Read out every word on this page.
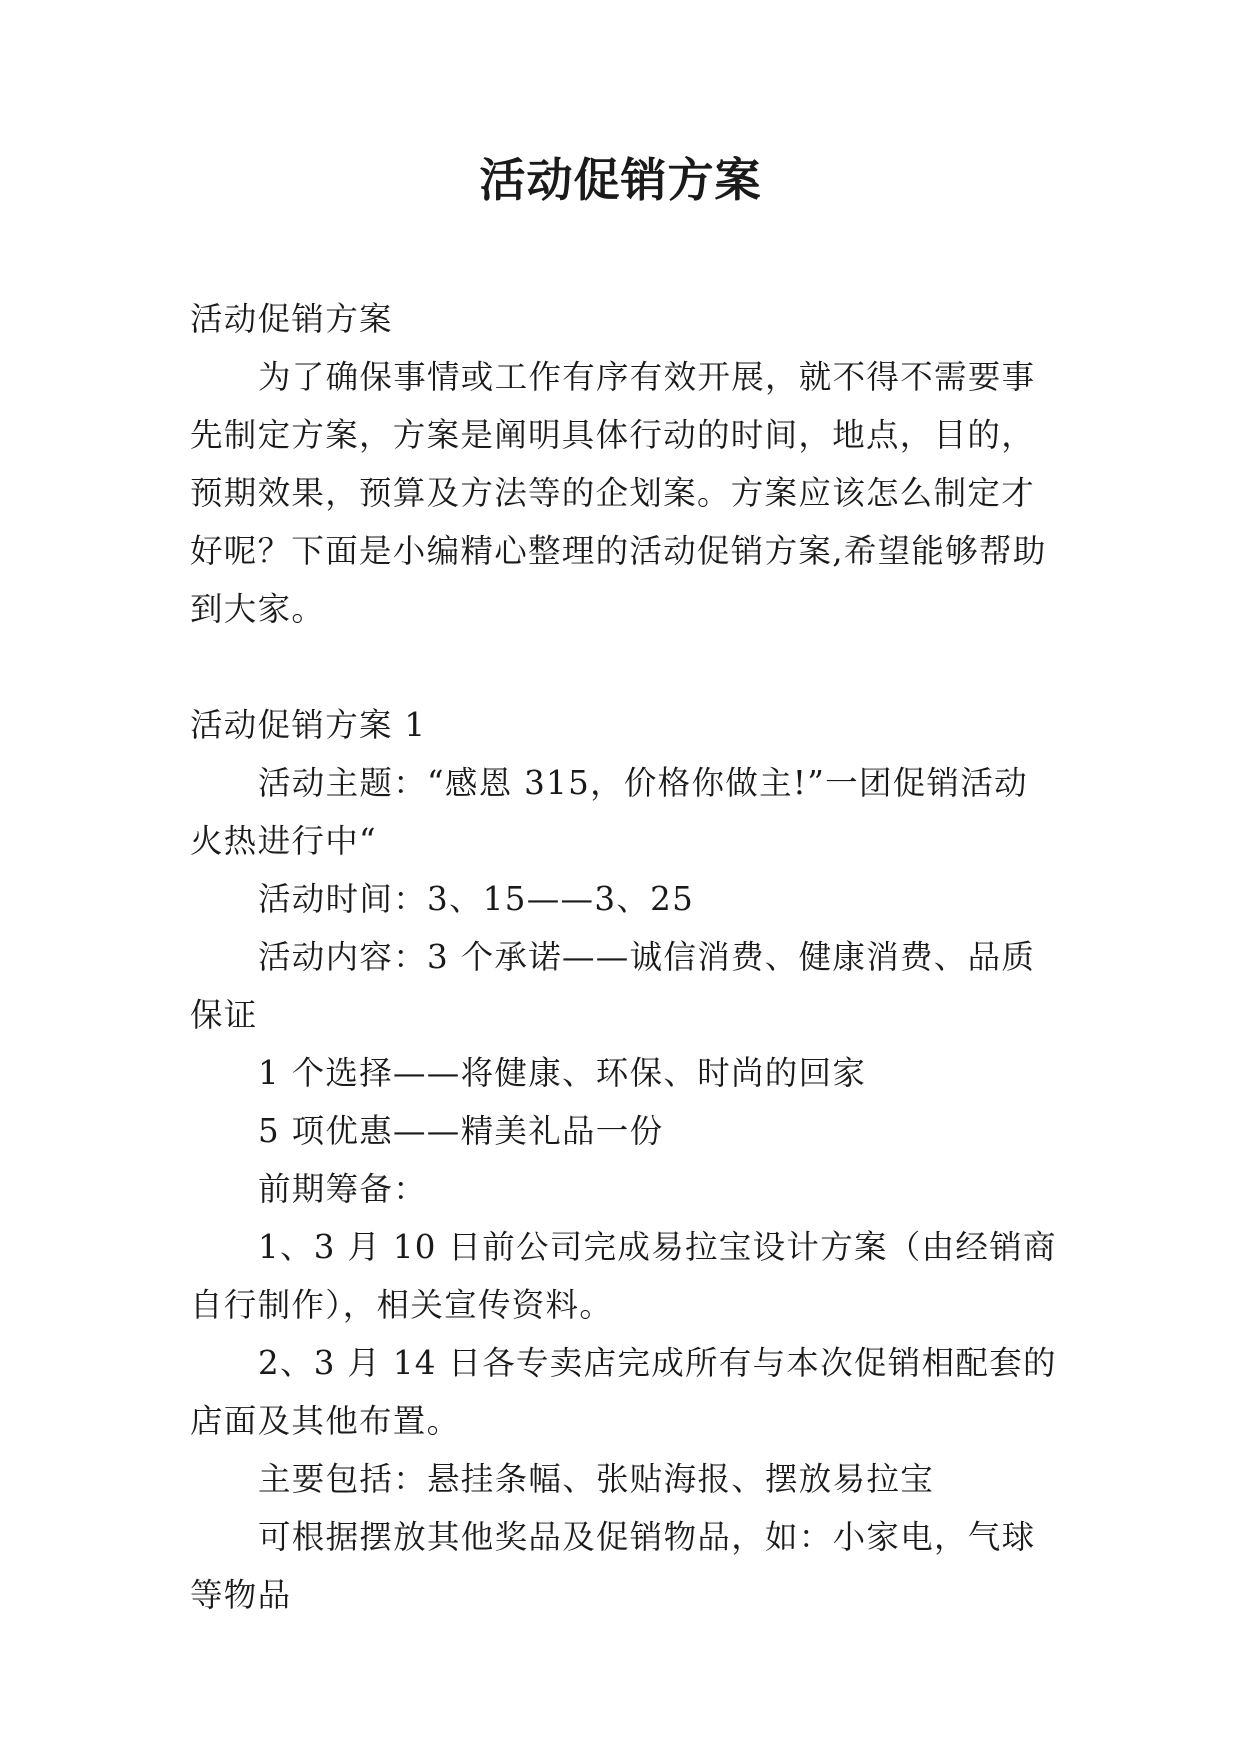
活动促销方案

活动促销方案

为了确保事情或工作有序有效开展，就不得不需要事先制定方案，方案是阐明具体行动的时间，地点，目的，预期效果，预算及方法等的企划案。方案应该怎么制定才好呢？下面是小编精心整理的活动促销方案,希望能够帮助到大家。

活动促销方案 1

活动主题：“感恩 315，价格你做主!”一团促销活动火热进行中“

活动时间：3、15——3、25

活动内容：3 个承诺——诚信消费、健康消费、品质保证

1 个选择——将健康、环保、时尚的回家

5 项优惠——精美礼品一份

前期筹备：

1、3 月 10 日前公司完成易拉宝设计方案（由经销商自行制作），相关宣传资料。

2、3 月 14 日各专卖店完成所有与本次促销相配套的店面及其他布置。

主要包括：悬挂条幅、张贴海报、摆放易拉宝

可根据摆放其他奖品及促销物品，如：小家电，气球等物品
